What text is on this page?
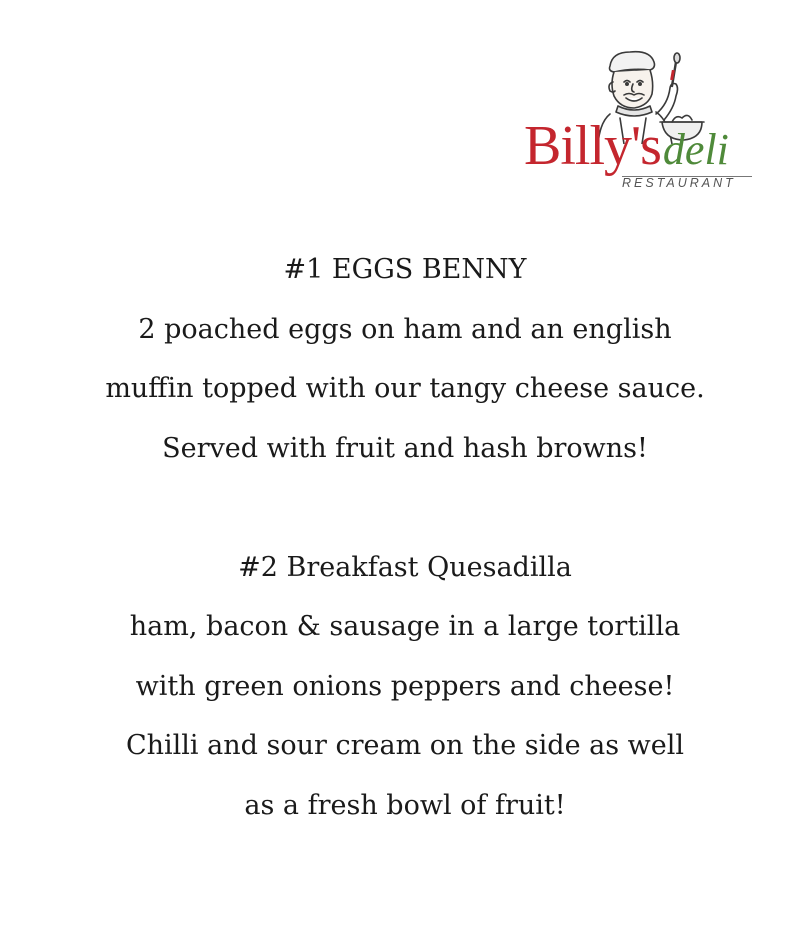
Billy'sdeli
RESTAURANT
#1 EGGS BENNY
2 poached eggs on ham and an english
muffin topped with our tangy cheese sauce.
Served with fruit and hash browns!
#2 Breakfast Quesadilla
ham, bacon & sausage in a large tortilla
with green onions peppers and cheese!
Chilli and sour cream on the side as well
as a fresh bowl of fruit!
